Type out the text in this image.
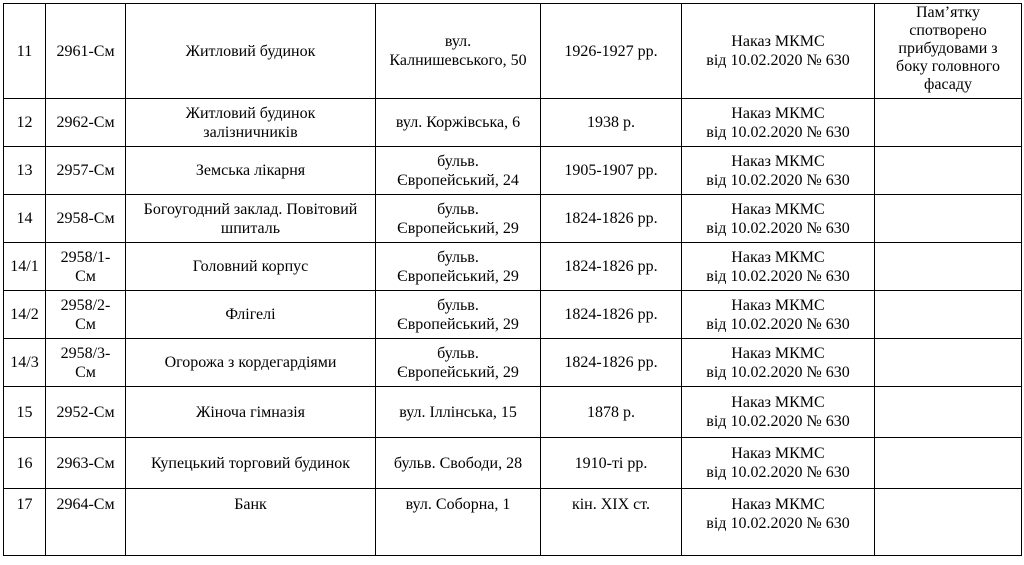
11	2961-См	Житловий будинок	вул.
Калнишевського, 50	1926-1927 рр.	Наказ МКМС
від 10.02.2020 № 630	Пам’ятку
спотворено
прибудовами з
боку головного
фасаду

12	2962-См	Житловий будинок
залізничників	вул. Коржівська, 6	1938 р.	Наказ МКМС
від 10.02.2020 № 630	

13	2957-См	Земська лікарня	бульв.
Європейський, 24	1905-1907 рр.	Наказ МКМС
від 10.02.2020 № 630	

14	2958-См	Богоугодний заклад. Повітовий
шпиталь	бульв.
Європейський, 29	1824-1826 рр.	Наказ МКМС
від 10.02.2020 № 630	

14/1	2958/1-
См	Головний корпус	бульв.
Європейський, 29	1824-1826 рр.	Наказ МКМС
від 10.02.2020 № 630	

14/2	2958/2-
См	Флігелі	бульв.
Європейський, 29	1824-1826 рр.	Наказ МКМС
від 10.02.2020 № 630	

14/3	2958/3-
См	Огорожа з кордегардіями	бульв.
Європейський, 29	1824-1826 рр.	Наказ МКМС
від 10.02.2020 № 630	

15	2952-См	Жіноча гімназія	вул. Іллінська, 15	1878 р.	Наказ МКМС
від 10.02.2020 № 630	

16	2963-См	Купецький торговий будинок	бульв. Свободи, 28	1910-ті рр.	Наказ МКМС
від 10.02.2020 № 630	

17	2964-См	Банк	вул. Соборна, 1	кін. XIX ст.	Наказ МКМС
від 10.02.2020 № 630	
